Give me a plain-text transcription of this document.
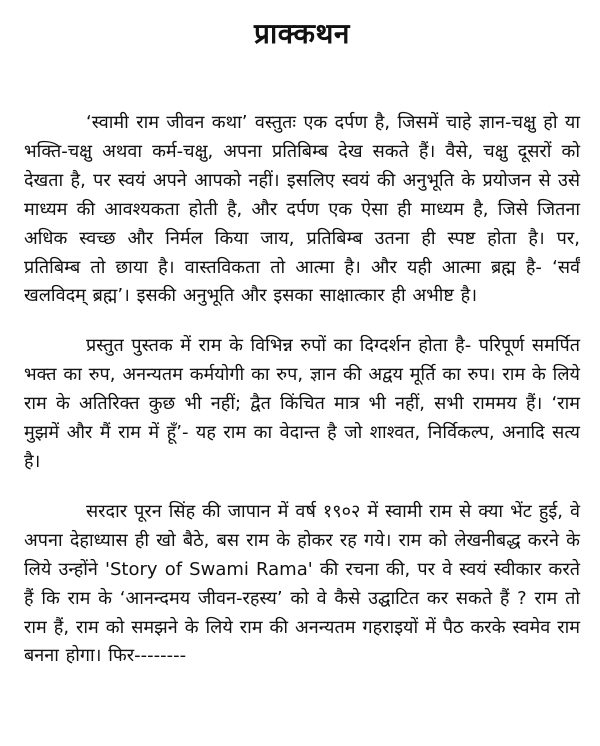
प्राक्कथन

‘स्वामी राम जीवन कथा’ वस्तुतः एक दर्पण है, जिसमें चाहे ज्ञान-चक्षु हो या भक्ति-चक्षु अथवा कर्म-चक्षु, अपना प्रतिबिम्ब देख सकते हैं। वैसे, चक्षु दूसरों को देखता है, पर स्वयं अपने आपको नहीं। इसलिए स्वयं की अनुभूति के प्रयोजन से उसे माध्यम की आवश्यकता होती है, और दर्पण एक ऐसा ही माध्यम है, जिसे जितना अधिक स्वच्छ और निर्मल किया जाय, प्रतिबिम्ब उतना ही स्पष्ट होता है। पर, प्रतिबिम्ब तो छाया है। वास्तविकता तो आत्मा है। और यही आत्मा ब्रह्म है- ‘सर्वं खलविदम् ब्रह्म’। इसकी अनुभूति और इसका साक्षात्कार ही अभीष्ट है।

प्रस्तुत पुस्तक में राम के विभिन्न रुपों का दिग्दर्शन होता है- परिपूर्ण समर्पित भक्त का रुप, अनन्यतम कर्मयोगी का रुप, ज्ञान की अद्वय मूर्ति का रुप। राम के लिये राम के अतिरिक्त कुछ भी नहीं; द्वैत किंचित मात्र भी नहीं, सभी राममय हैं। ‘राम मुझमें और मैं राम में हूँ’- यह राम का वेदान्त है जो शाश्वत, निर्विकल्प, अनादि सत्य है।

सरदार पूरन सिंह की जापान में वर्ष १९०२ में स्वामी राम से क्या भेंट हुई, वे अपना देहाध्यास ही खो बैठे, बस राम के होकर रह गये। राम को लेखनीबद्ध करने के लिये उन्होंने 'Story of Swami Rama' की रचना की, पर वे स्वयं स्वीकार करते हैं कि राम के ‘आनन्दमय जीवन-रहस्य’ को वे कैसे उद्घाटित कर सकते हैं ? राम तो राम हैं, राम को समझने के लिये राम की अनन्यतम गहराइयों में पैठ करके स्वमेव राम बनना होगा। फिर--------
